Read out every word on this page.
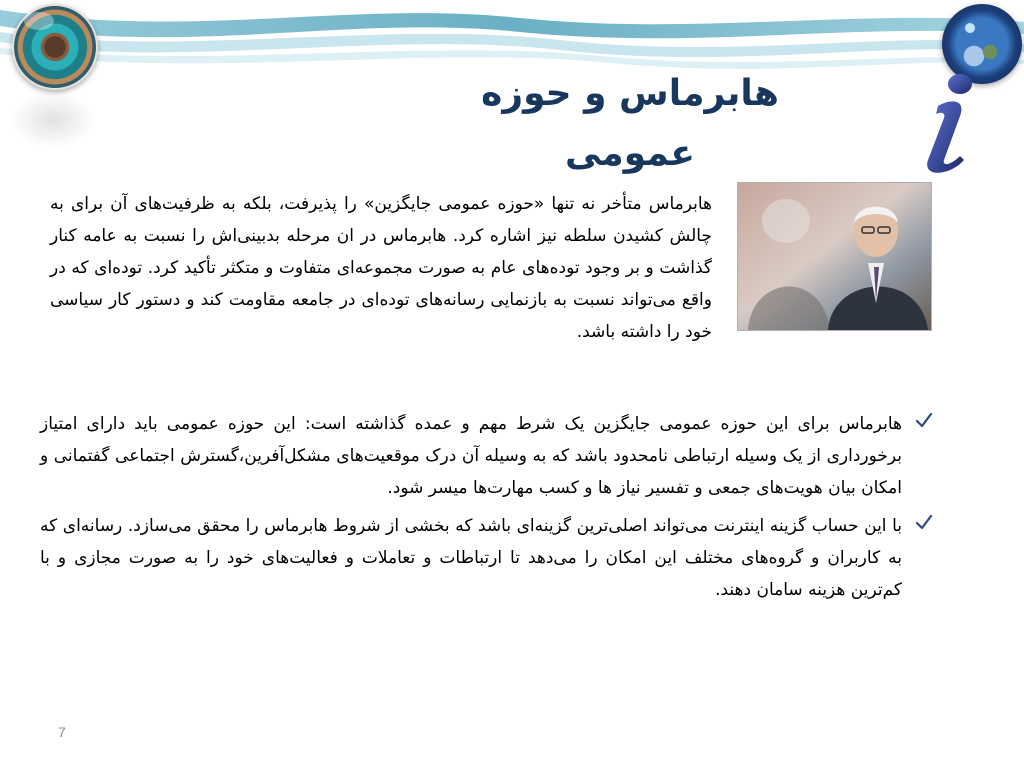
هابرماس و حوزه عمومی

هابرماس متأخر نه تنها «حوزه عمومی جایگزین» را پذیرفت، بلکه به ظرفیت‌های آن برای به چالش کشیدن سلطه نیز اشاره کرد. هابرماس در ان مرحله بدبینی‌اش را نسبت به عامه کنار گذاشت و بر وجود توده‌های عام به صورت مجموعه‌ای متفاوت و متکثر تأکید کرد. توده‌ای که در واقع می‌تواند نسبت به بازنمایی رسانه‌های توده‌ای در جامعه مقاومت کند و دستور کار سیاسی خود را داشته باشد.

هابرماس برای این حوزه عمومی جایگزین یک شرط مهم و عمده گذاشته است: این حوزه عمومی باید دارای امتیاز برخورداری از یک وسیله ارتباطی نامحدود باشد که به وسیله آن درک موقعیت‌های مشکل‌آفرین،گسترش اجتماعی گفتمانی و امکان بیان هویت‌های جمعی و تفسیر نیاز ها و کسب مهارت‌ها میسر شود.
با این حساب گزینه اینترنت می‌تواند اصلی‌ترین گزینه‌ای باشد که بخشی از شروط هابرماس را محقق می‌سازد. رسانه‌ای که به کاربران و گروه‌های مختلف این امکان را می‌دهد تا ارتباطات و تعاملات و فعالیت‌های خود را به صورت مجازی و با کم‌ترین هزینه سامان دهند.
7
